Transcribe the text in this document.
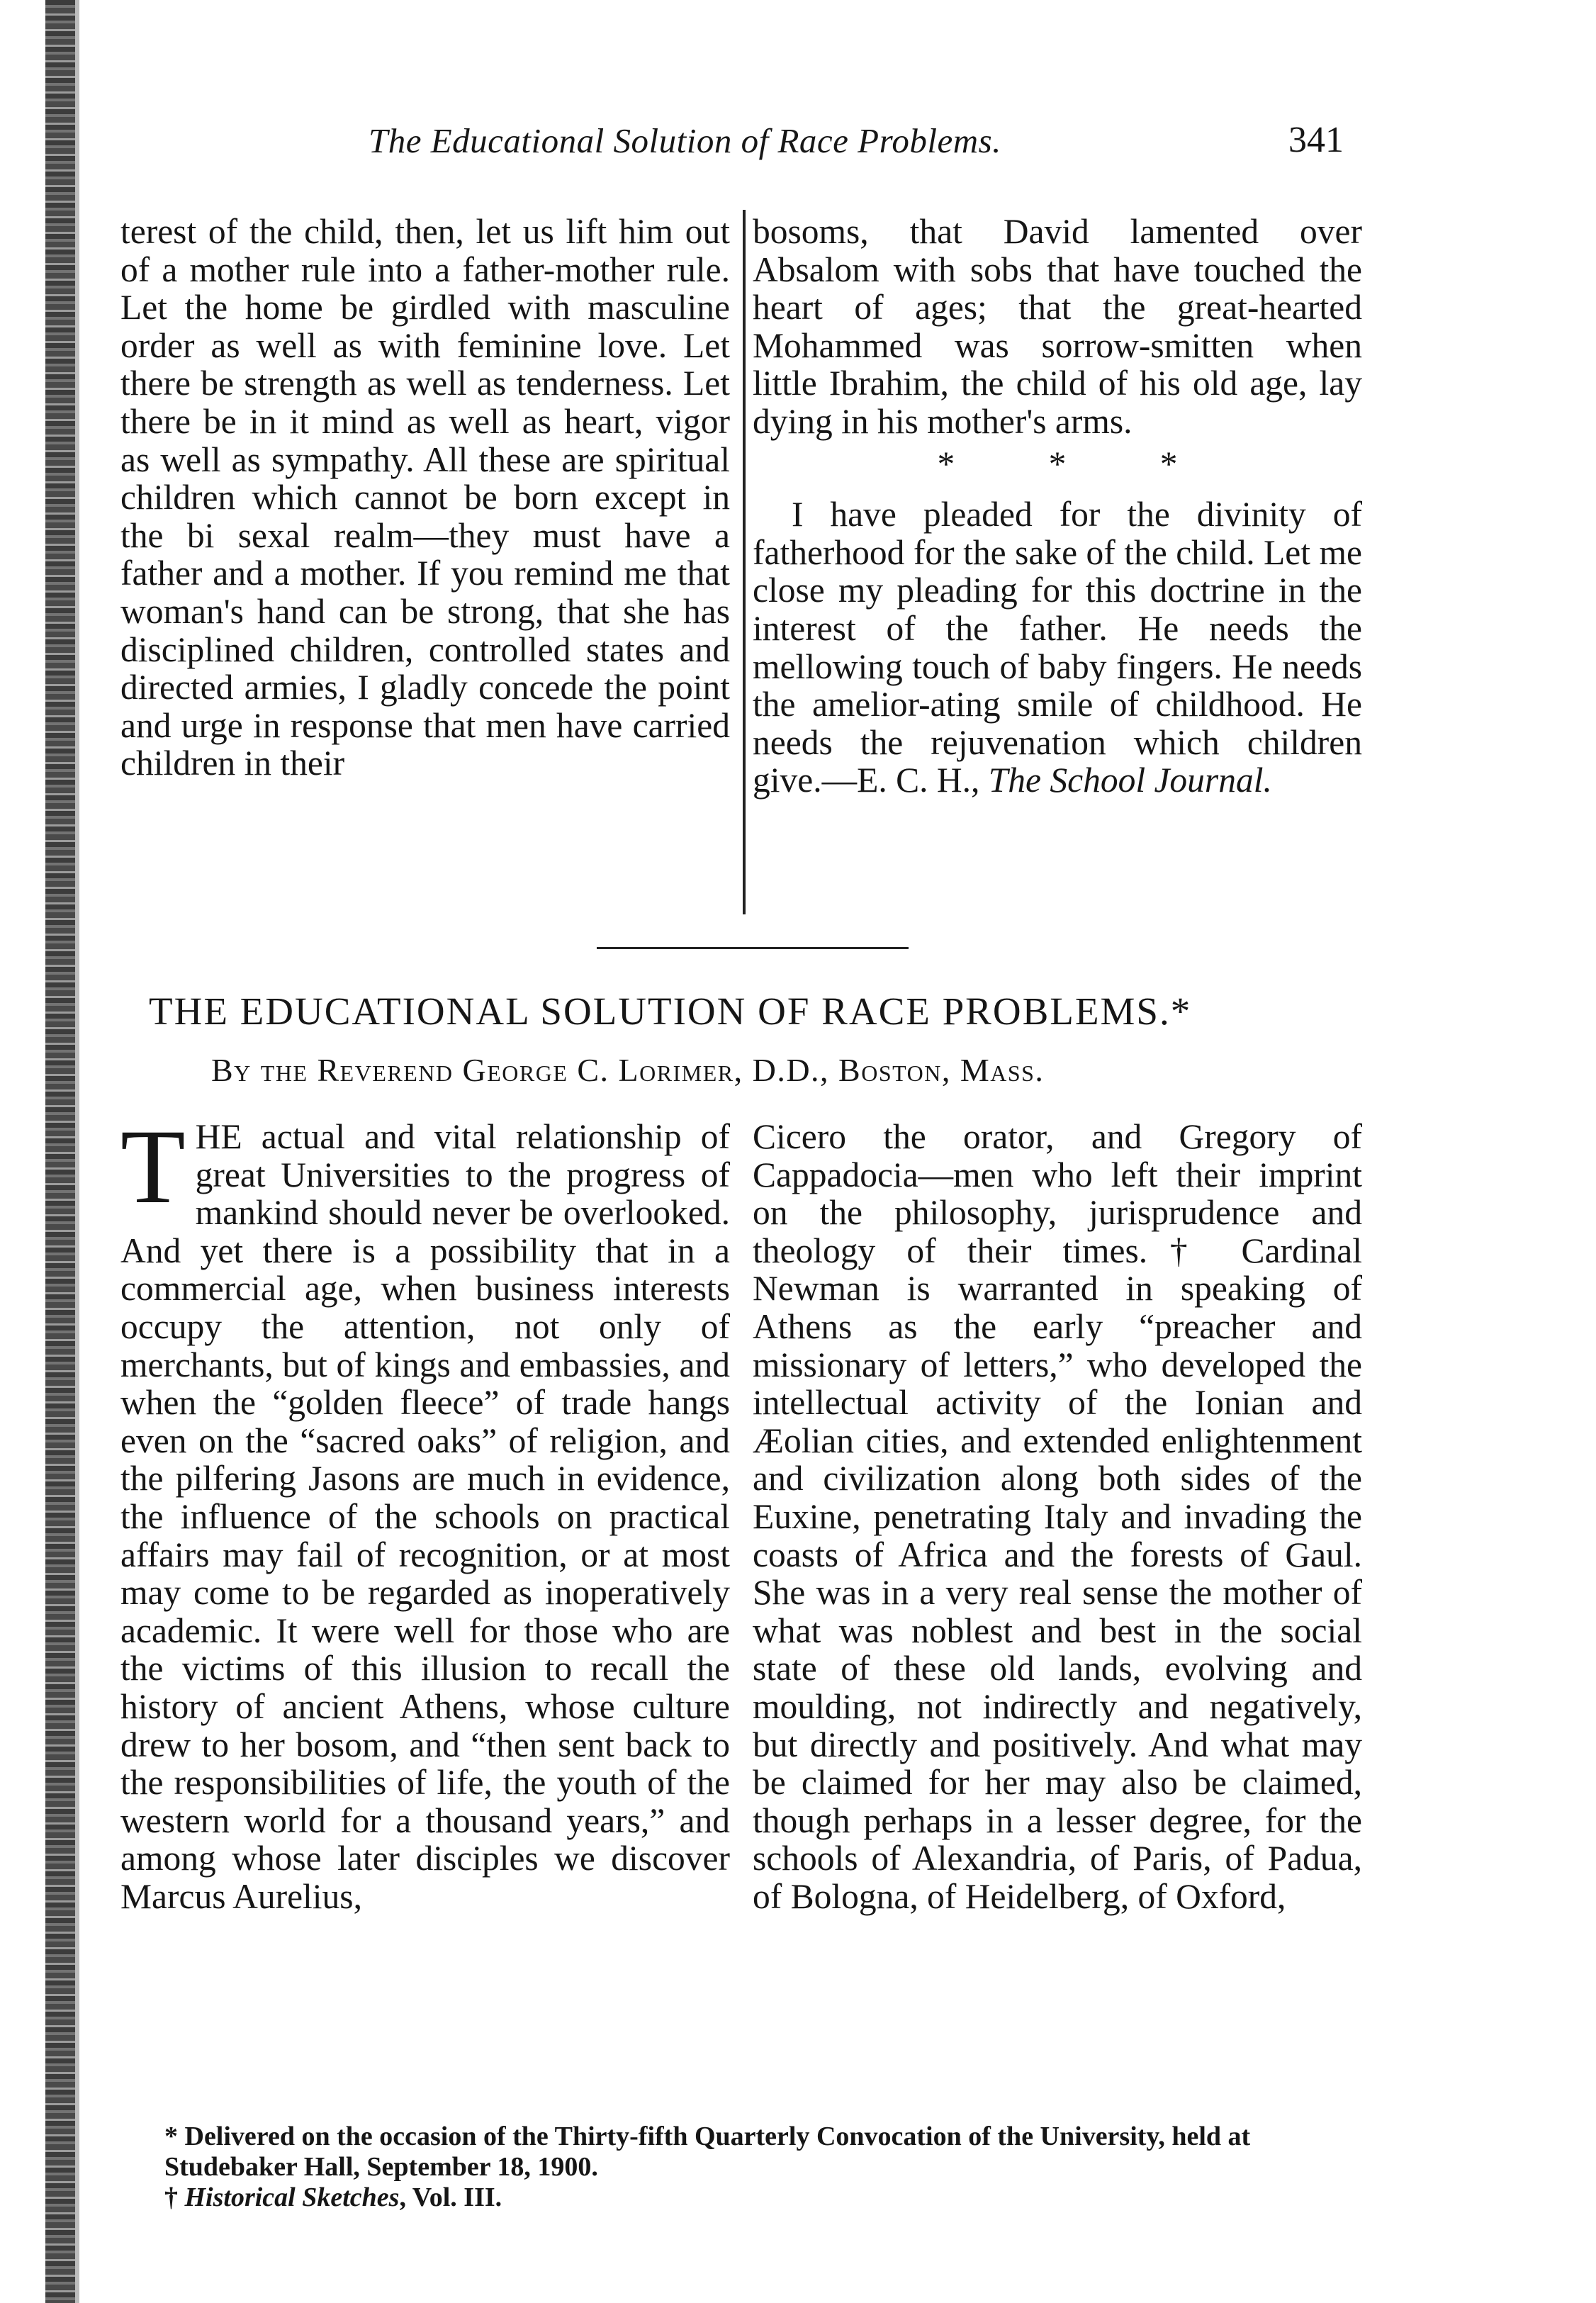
The Educational Solution of Race Problems.	341

terest of the child, then, let us lift him out of a mother rule into a father-mother rule. Let the home be girdled with masculine order as well as with feminine love. Let there be strength as well as tenderness. Let there be in it mind as well as heart, vigor as well as sympathy. All these are spiritual children which cannot be born except in the bi sexal realm—they must have a father and a mother. If you remind me that woman's hand can be strong, that she has disciplined children, controlled states and directed armies, I gladly concede the point and urge in response that men have carried children in their

bosoms, that David lamented over Absalom with sobs that have touched the heart of ages; that the great-hearted Mohammed was sorrow-smitten when little Ibrahim, the child of his old age, lay dying in his mother's arms.

* * *

I have pleaded for the divinity of fatherhood for the sake of the child. Let me close my pleading for this doctrine in the interest of the father. He needs the mellowing touch of baby fingers. He needs the amelior-ating smile of childhood. He needs the rejuvenation which children give.—E. C. H., The School Journal.

THE EDUCATIONAL SOLUTION OF RACE PROBLEMS.*
By the Reverend George C. Lorimer, D.D., Boston, Mass.

THE actual and vital relationship of great Universities to the progress of mankind should never be overlooked. And yet there is a possibility that in a commercial age, when business interests occupy the attention, not only of merchants, but of kings and embassies, and when the “golden fleece” of trade hangs even on the “sacred oaks” of religion, and the pilfering Jasons are much in evidence, the influence of the schools on practical affairs may fail of recognition, or at most may come to be regarded as inoperatively academic. It were well for those who are the victims of this illusion to recall the history of ancient Athens, whose culture drew to her bosom, and “then sent back to the responsibilities of life, the youth of the western world for a thousand years,” and among whose later disciples we discover Marcus Aurelius,

Cicero the orator, and Gregory of Cappadocia—men who left their imprint on the philosophy, jurisprudence and theology of their times.† Cardinal Newman is warranted in speaking of Athens as the early “preacher and missionary of letters,” who developed the intellectual activity of the Ionian and Æolian cities, and extended enlightenment and civilization along both sides of the Euxine, penetrating Italy and invading the coasts of Africa and the forests of Gaul. She was in a very real sense the mother of what was noblest and best in the social state of these old lands, evolving and moulding, not indirectly and negatively, but directly and positively. And what may be claimed for her may also be claimed, though perhaps in a lesser degree, for the schools of Alexandria, of Paris, of Padua, of Bologna, of Heidelberg, of Oxford,

* Delivered on the occasion of the Thirty-fifth Quarterly Convocation of the University, held at Studebaker Hall, September 18, 1900.

† Historical Sketches, Vol. III.
